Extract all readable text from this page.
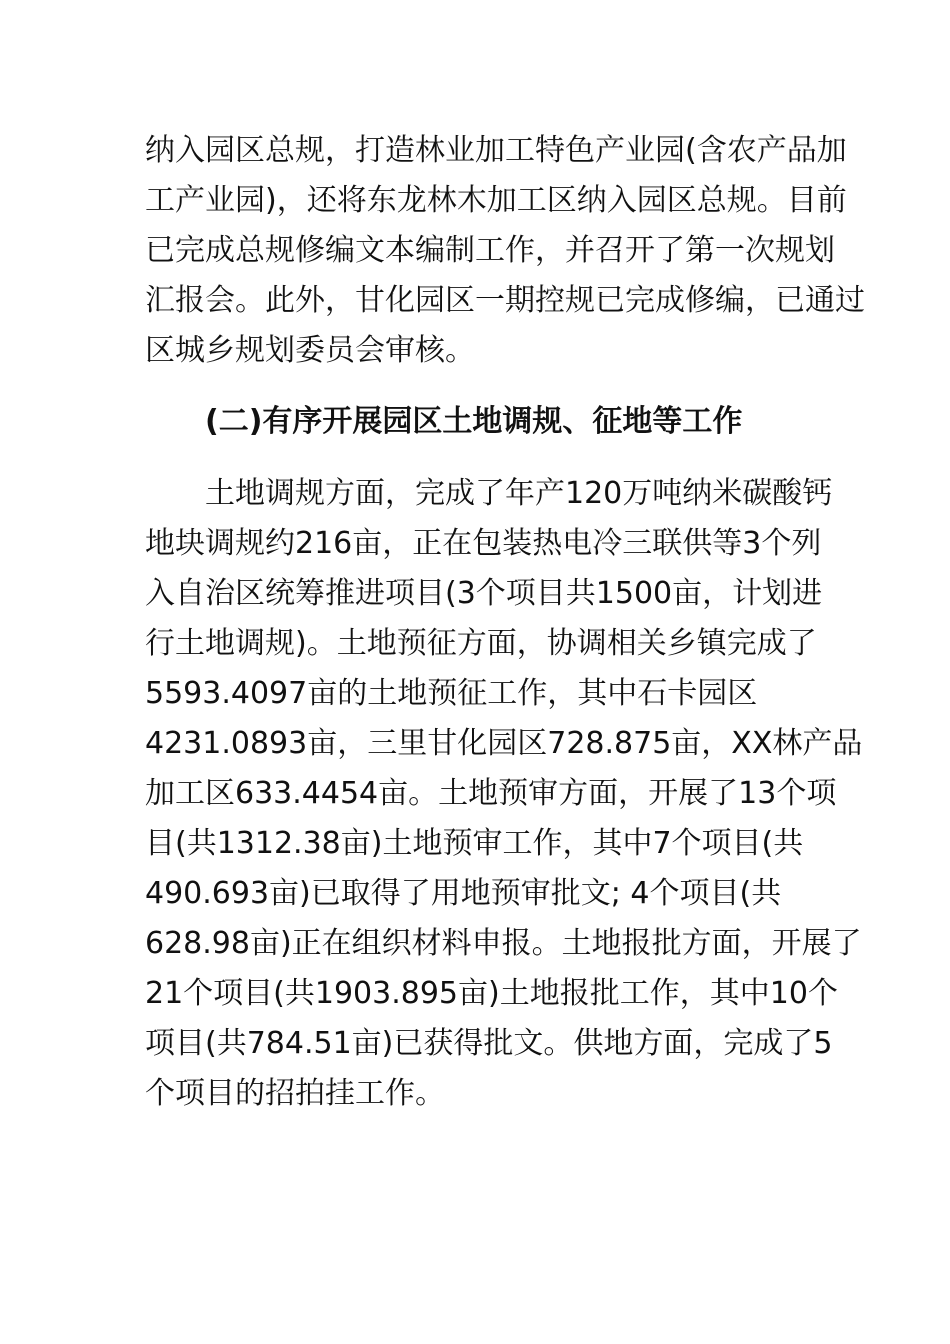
纳入园区总规，打造林业加工特色产业园(含农产品加
工产业园)，还将东龙林木加工区纳入园区总规。目前
已完成总规修编文本编制工作，并召开了第一次规划
汇报会。此外，甘化园区一期控规已完成修编，已通过
区城乡规划委员会审核。
(二)有序开展园区土地调规、征地等工作
土地调规方面，完成了年产120万吨纳米碳酸钙
地块调规约216亩，正在包装热电冷三联供等3个列
入自治区统筹推进项目(3个项目共1500亩，计划进
行土地调规)。土地预征方面，协调相关乡镇完成了
5593.4097亩的土地预征工作，其中石卡园区
4231.0893亩，三里甘化园区728.875亩，XX林产品
加工区633.4454亩。土地预审方面，开展了13个项
目(共1312.38亩)土地预审工作，其中7个项目(共
490.693亩)已取得了用地预审批文; 4个项目(共
628.98亩)正在组织材料申报。土地报批方面，开展了
21个项目(共1903.895亩)土地报批工作，其中10个
项目(共784.51亩)已获得批文。供地方面，完成了5
个项目的招拍挂工作。
